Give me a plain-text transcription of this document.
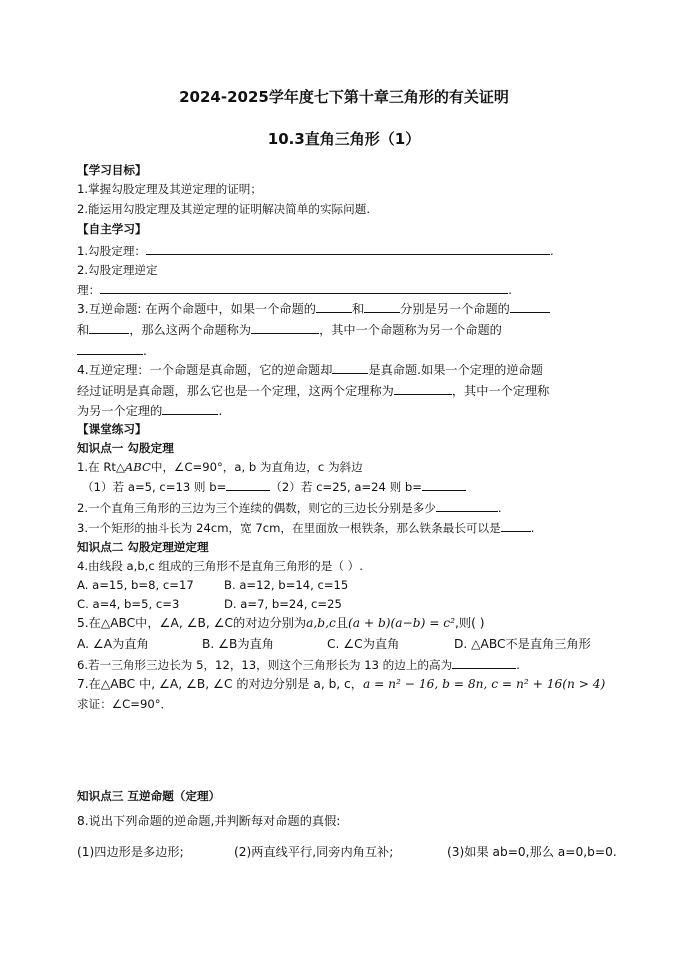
2024-2025学年度七下第十章三角形的有关证明
10.3直角三角形（1）
【学习目标】
1.掌握勾股定理及其逆定理的证明；
2.能运用勾股定理及其逆定理的证明解决简单的实际问题.
【自主学习】
1.勾股定理：	.
2.勾股定理逆定
理：	.
3.互逆命题: 在两个命题中，如果一个命题的	和	分别是另一个命题的
和	，那么这两个命题称为	，其中一个命题称为另一个命题的
.
4.互逆定理：一个命题是真命题，它的逆命题却	是真命题.如果一个定理的逆命题
经过证明是真命题，那么它也是一个定理，这两个定理称为	，其中一个定理称
为另一个定理的	.
【课堂练习】
知识点一 勾股定理
1.在 Rt△ABC中，∠C=90°，a, b 为直角边，c 为斜边
（1）若 a=5, c=13 则 b=	（2）若 c=25, a=24 则 b=
2.一个直角三角形的三边为三个连续的偶数，则它的三边长分别是多少	.
3.一个矩形的抽斗长为 24cm，宽 7cm，在里面放一根铁条，那么铁条最长可以是	.
知识点二 勾股定理逆定理
4.由线段 a,b,c 组成的三角形不是直角三角形的是（ ）.
A. a=15, b=8, c=17	B. a=12, b=14, c=15
C. a=4, b=5, c=3	D. a=7, b=24, c=25
5.在△ABC中，∠A, ∠B, ∠C的对边分别为a,b,c且(a + b)(a−b) = c²,则( )
A. ∠A为直角	B. ∠B为直角	C. ∠C为直角	D. △ABC不是直角三角形
6.若一三角形三边长为 5，12，13，则这个三角形长为 13 的边上的高为	.
7.在△ABC 中, ∠A, ∠B, ∠C 的对边分别是 a, b, c，a = n² − 16, b = 8n, c = n² + 16(n > 4)
求证：∠C=90°．
知识点三 互逆命题（定理）
8.说出下列命题的逆命题,并判断每对命题的真假:
(1)四边形是多边形;	(2)两直线平行,同旁内角互补;	(3)如果 ab=0,那么 a=0,b=0.
